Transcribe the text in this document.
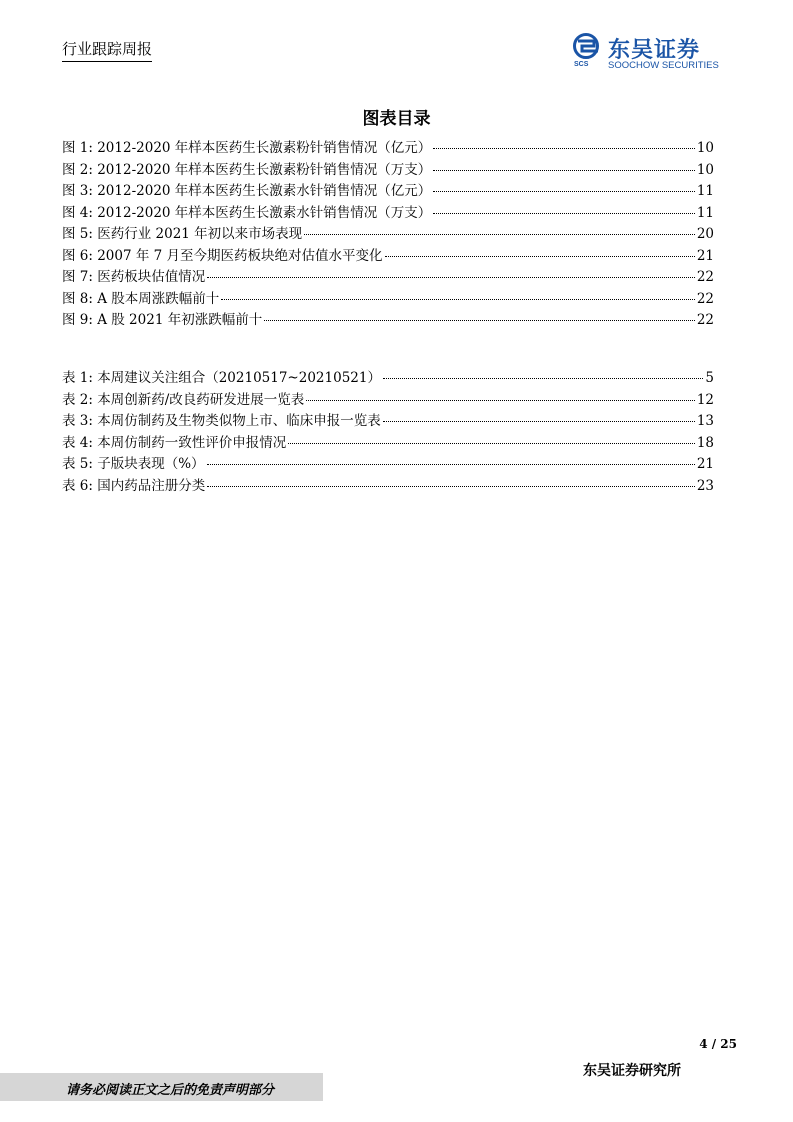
行业跟踪周报
SCS
东吴证券
SOOCHOW SECURITIES
图表目录
图 1: 2012-2020 年样本医药生长激素粉针销售情况（亿元）	10
图 2: 2012-2020 年样本医药生长激素粉针销售情况（万支）	10
图 3: 2012-2020 年样本医药生长激素水针销售情况（亿元）	11
图 4: 2012-2020 年样本医药生长激素水针销售情况（万支）	11
图 5: 医药行业 2021 年初以来市场表现	20
图 6: 2007 年 7 月至今期医药板块绝对估值水平变化	21
图 7: 医药板块估值情况	22
图 8: A 股本周涨跌幅前十	22
图 9: A 股 2021 年初涨跌幅前十	22
表 1: 本周建议关注组合（20210517~20210521）	5
表 2: 本周创新药/改良药研发进展一览表	12
表 3: 本周仿制药及生物类似物上市、临床申报一览表	13
表 4: 本周仿制药一致性评价申报情况	18
表 5: 子版块表现（%）	21
表 6: 国内药品注册分类	23
4 / 25
东吴证券研究所
请务必阅读正文之后的免责声明部分
